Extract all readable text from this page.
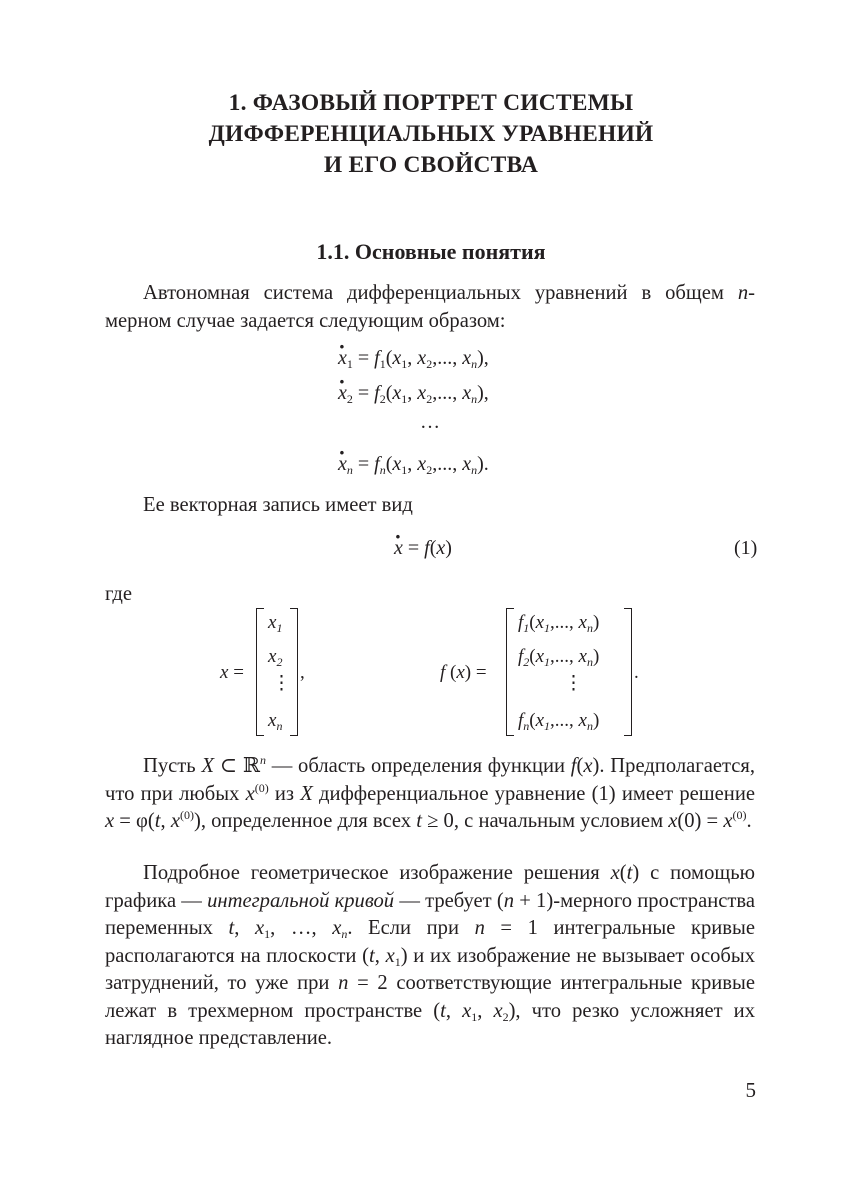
1. ФАЗОВЫЙ ПОРТРЕТ СИСТЕМЫ
ДИФФЕРЕНЦИАЛЬНЫХ УРАВНЕНИЙ
И ЕГО СВОЙСТВА
1.1. Основные понятия
Автономная система дифференциальных уравнений в общем n-мерном случае задается следующим образом:
· $x_1 = f_1(x_1$, $x_2$,..., $x_n$),
· $x_2 = f_2(x_1$, $x_2$,..., $x_n$),
…
· $x_n = f_n(x_1$, $x_2$,..., $x_n$).
Ее векторная запись имеет вид
· x = f(x)	(1)
где
x =
$x_1$
$x_2$
⋮
$x_n$
,	f (x) =
$f_1(x_1$,..., $x_n$)
$f_2(x_1$,..., $x_n$)
⋮
$f_n(x_1$,..., $x_n$)
.
Пусть X ⊂ ℝ$^n$ — область определения функции f(x). Предполагается, что при любых $x^{(0)}$ из X дифференциальное уравнение (1) имеет решение x = φ(t, $x^{(0)}$), определенное для всех t ≥ 0, с начальным условием $x(0) = x^{(0)}$.
Подробное геометрическое изображение решения x(t) с помощью графика — интегральной кривой — требует (n + 1)-мерного пространства переменных t, $x_1$, …, $x_n$. Если при n = 1 интегральные кривые располагаются на плоскости (t, $x_1$) и их изображение не вызывает особых затруднений, то уже при n = 2 соответствующие интегральные кривые лежат в трехмерном пространстве (t, $x_1$, $x_2$), что резко усложняет их наглядное представление.
5
